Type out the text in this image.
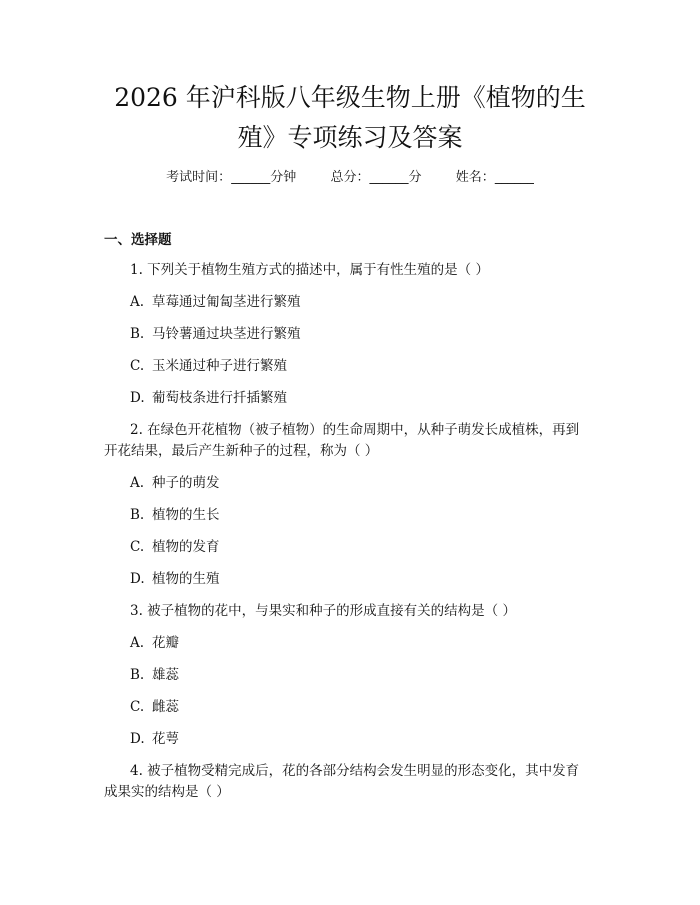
2026 年沪科版八年级生物上册《植物的生
殖》专项练习及答案
考试时间：______分钟	总分：______分	姓名：______
一、选择题
1. 下列关于植物生殖方式的描述中，属于有性生殖的是（ ）
A. 草莓通过匍匐茎进行繁殖
B. 马铃薯通过块茎进行繁殖
C. 玉米通过种子进行繁殖
D. 葡萄枝条进行扦插繁殖
2. 在绿色开花植物（被子植物）的生命周期中，从种子萌发长成植株，再到
开花结果，最后产生新种子的过程，称为（ ）
A. 种子的萌发
B. 植物的生长
C. 植物的发育
D. 植物的生殖
3. 被子植物的花中，与果实和种子的形成直接有关的结构是（ ）
A. 花瓣
B. 雄蕊
C. 雌蕊
D. 花萼
4. 被子植物受精完成后，花的各部分结构会发生明显的形态变化，其中发育
成果实的结构是（ ）
